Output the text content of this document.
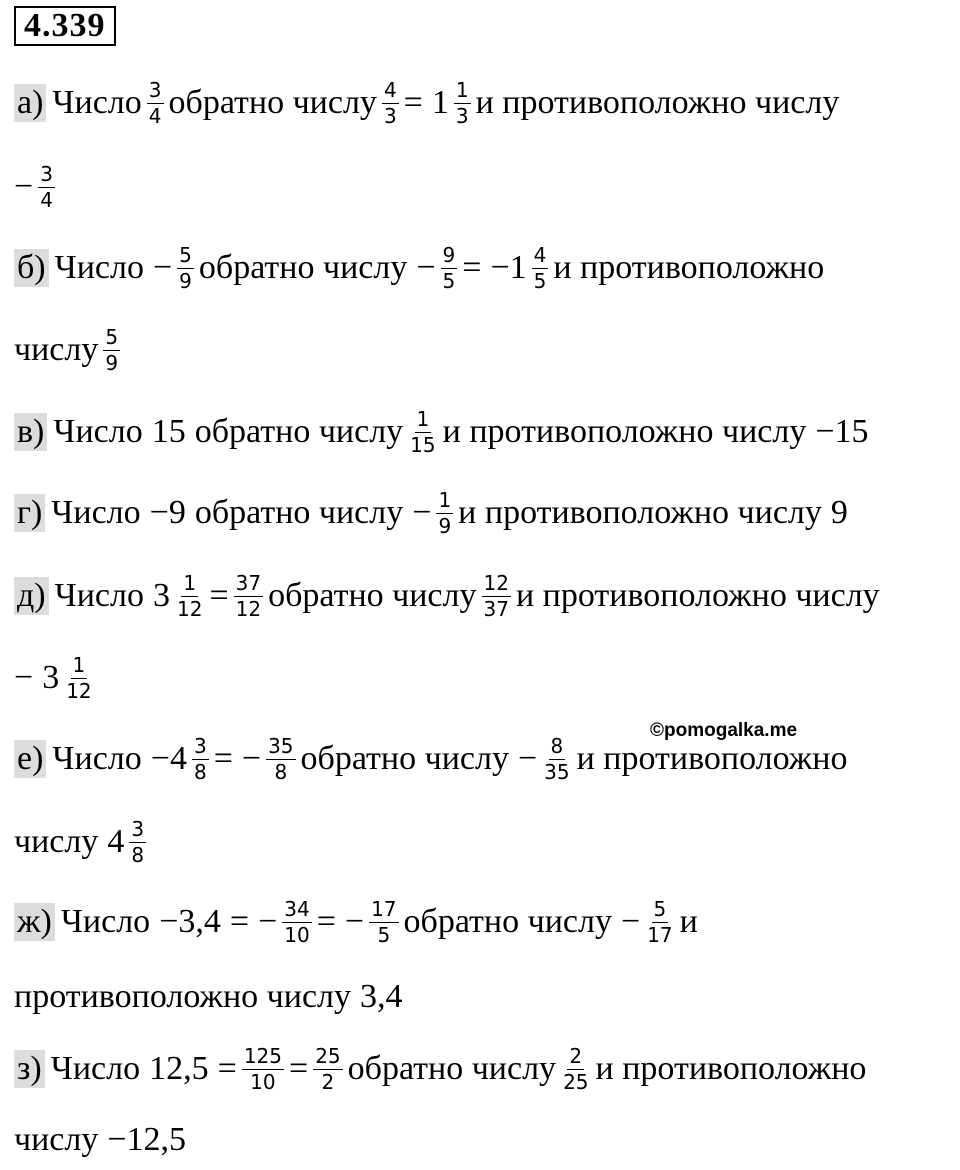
4.339
а) Число $\frac{3}{4}$ обратно числу $\frac{4}{3} = 1 \frac{1}{3}$ и противоположно числу
− $\frac{3}{4}$
б) Число − $\frac{5}{9}$ обратно числу − $\frac{9}{5} = -1 \frac{4}{5}$ и противоположно
числу $\frac{5}{9}$
в) Число 15 обратно числу $\frac{1}{15}$ и противоположно числу −15
г) Число −9 обратно числу − $\frac{1}{9}$ и противоположно числу 9
д) Число $3 \frac{1}{12} = \frac{37}{12}$ обратно числу $\frac{12}{37}$ и противоположно числу
− $3 \frac{1}{12}$
©pomogalka.me
е) Число $-4 \frac{3}{8}$ = − $\frac{35}{8}$ обратно числу − $\frac{8}{35}$ и противоположно
числу $4 \frac{3}{8}$
ж) Число −3,4 = − $\frac{34}{10}$ = − $\frac{17}{5}$ обратно числу − $\frac{5}{17}$ и
противоположно числу 3,4
з) Число $12,5 = \frac{125}{10} = \frac{25}{2}$ обратно числу $\frac{2}{25}$ и противоположно
числу −12,5
